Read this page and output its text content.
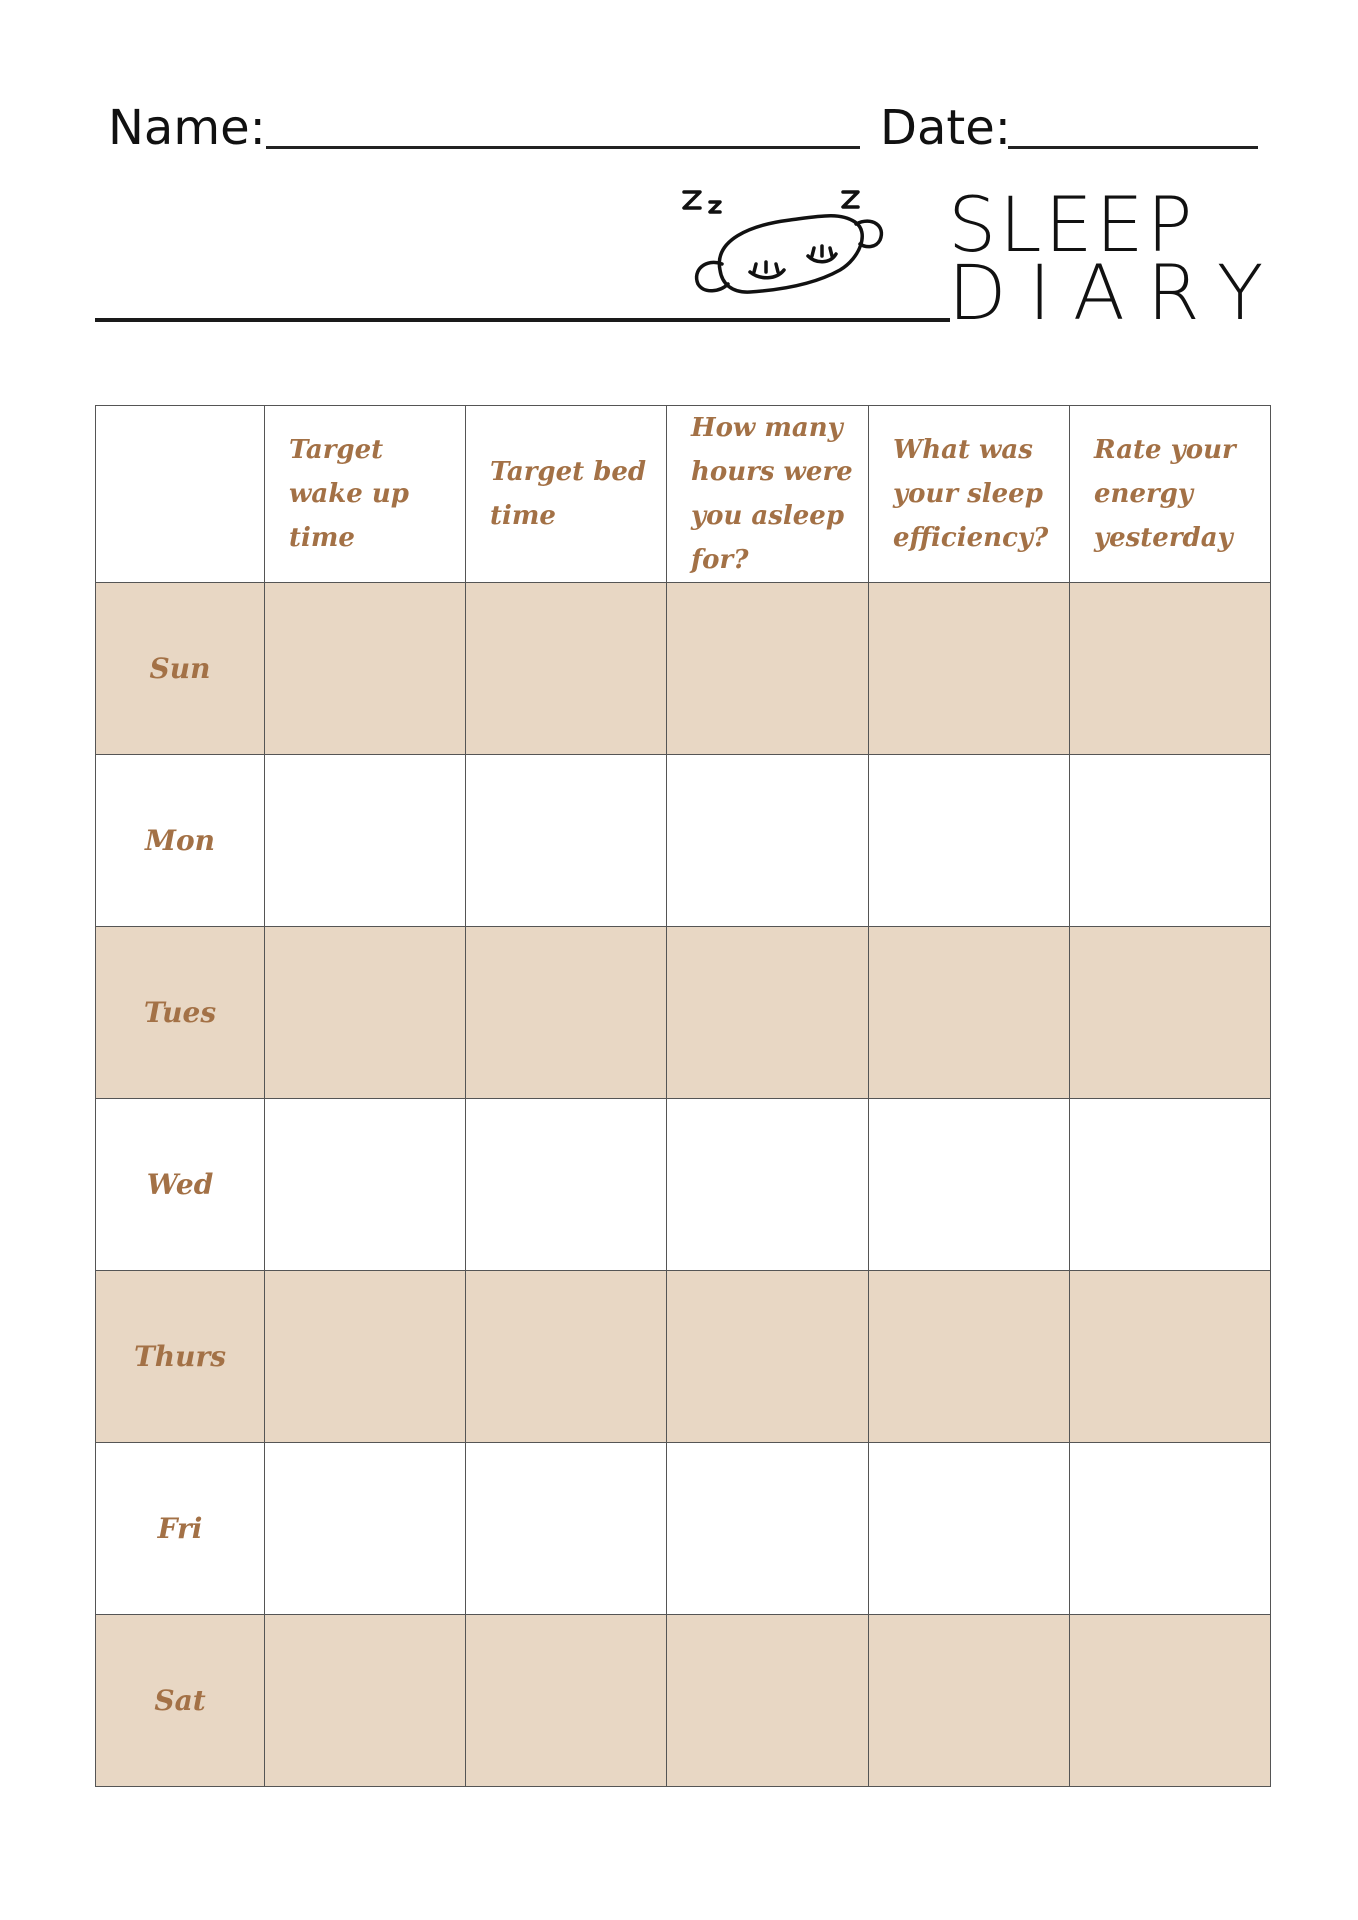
Name:	Date:
SLEEP
DIARY

	Target wake up time	Target bed time	How many hours were you asleep for?	What was your sleep efficiency?	Rate your energy yesterday

Sun					
Mon					
Tues					
Wed					
Thurs					
Fri					
Sat					
